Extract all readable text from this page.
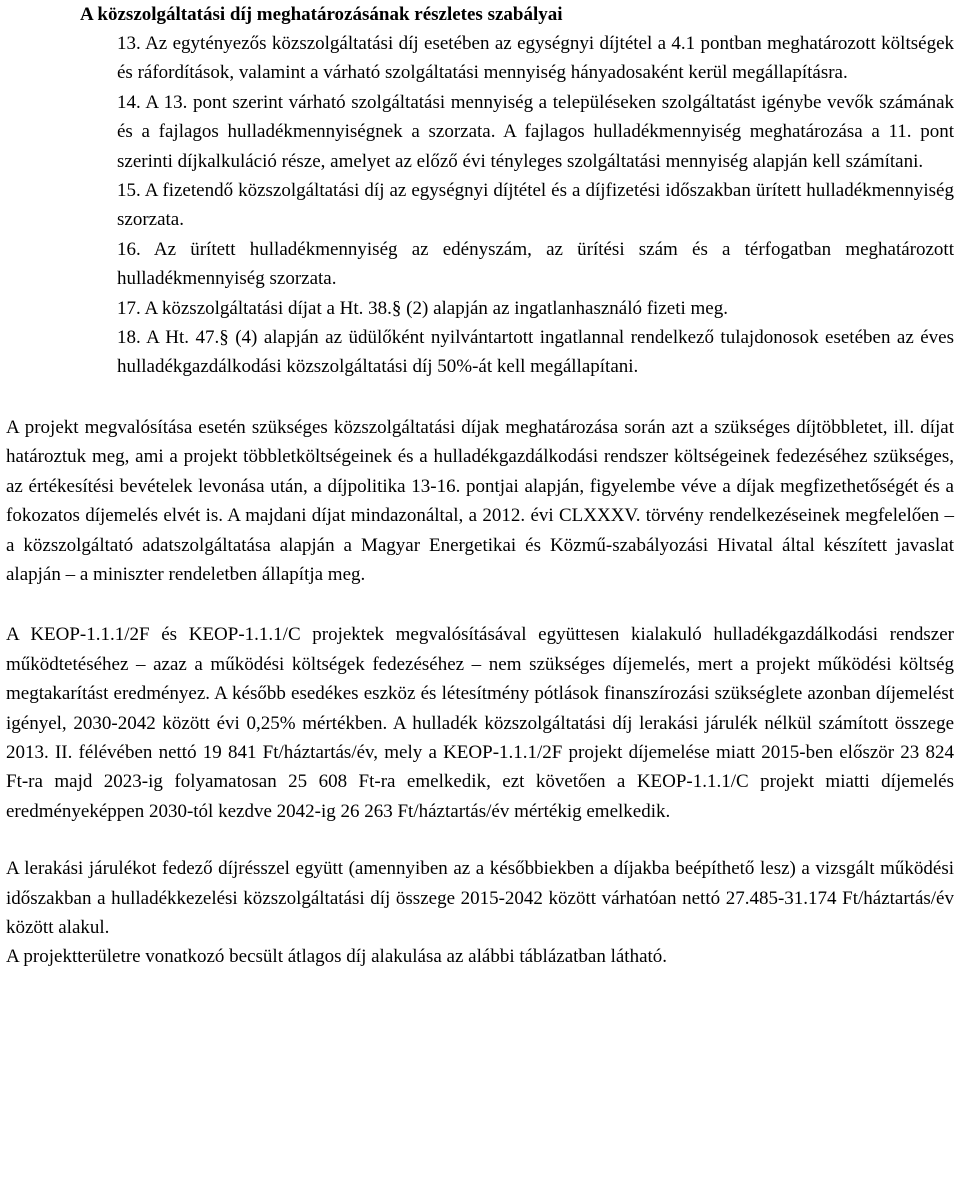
A közszolgáltatási díj meghatározásának részletes szabályai

13. Az egytényezős közszolgáltatási díj esetében az egységnyi díjtétel a 4.1 pontban meghatározott költségek és ráfordítások, valamint a várható szolgáltatási mennyiség hányadosaként kerül megállapításra.

14. A 13. pont szerint várható szolgáltatási mennyiség a településeken szolgáltatást igénybe vevők számának és a fajlagos hulladékmennyiségnek a szorzata. A fajlagos hulladékmennyiség meghatározása a 11. pont szerinti díjkalkuláció része, amelyet az előző évi tényleges szolgáltatási mennyiség alapján kell számítani.

15. A fizetendő közszolgáltatási díj az egységnyi díjtétel és a díjfizetési időszakban ürített hulladékmennyiség szorzata.

16. Az ürített hulladékmennyiség az edényszám, az ürítési szám és a térfogatban meghatározott hulladékmennyiség szorzata.

17. A közszolgáltatási díjat a Ht. 38.§ (2) alapján az ingatlanhasználó fizeti meg.

18. A Ht. 47.§ (4) alapján az üdülőként nyilvántartott ingatlannal rendelkező tulajdonosok esetében az éves hulladékgazdálkodási közszolgáltatási díj 50%-át kell megállapítani.

A projekt megvalósítása esetén szükséges közszolgáltatási díjak meghatározása során azt a szükséges díjtöbbletet, ill. díjat határoztuk meg, ami a projekt többletköltségeinek és a hulladékgazdálkodási rendszer költségeinek fedezéséhez szükséges, az értékesítési bevételek levonása után, a díjpolitika 13-16. pontjai alapján, figyelembe véve a díjak megfizethetőségét és a fokozatos díjemelés elvét is. A majdani díjat mindazonáltal, a 2012. évi CLXXXV. törvény rendelkezéseinek megfelelően – a közszolgáltató adatszolgáltatása alapján a Magyar Energetikai és Közmű-szabályozási Hivatal által készített javaslat alapján – a miniszter rendeletben állapítja meg.

A KEOP-1.1.1/2F és KEOP-1.1.1/C projektek megvalósításával együttesen kialakuló hulladékgazdálkodási rendszer működtetéséhez – azaz a működési költségek fedezéséhez – nem szükséges díjemelés, mert a projekt működési költség megtakarítást eredményez. A később esedékes eszköz és létesítmény pótlások finanszírozási szükséglete azonban díjemelést igényel, 2030-2042 között évi 0,25% mértékben. A hulladék közszolgáltatási díj lerakási járulék nélkül számított összege 2013. II. félévében nettó 19 841 Ft/háztartás/év, mely a KEOP-1.1.1/2F projekt díjemelése miatt 2015-ben először 23 824 Ft-ra majd 2023-ig folyamatosan 25 608 Ft-ra emelkedik, ezt követően a KEOP-1.1.1/C projekt miatti díjemelés eredményeképpen 2030-tól kezdve 2042-ig 26 263 Ft/háztartás/év mértékig emelkedik.

A lerakási járulékot fedező díjrésszel együtt (amennyiben az a későbbiekben a díjakba beépíthető lesz) a vizsgált működési időszakban a hulladékkezelési közszolgáltatási díj összege 2015-2042 között várhatóan nettó 27.485-31.174 Ft/háztartás/év között alakul.

A projektterületre vonatkozó becsült átlagos díj alakulása az alábbi táblázatban látható.
